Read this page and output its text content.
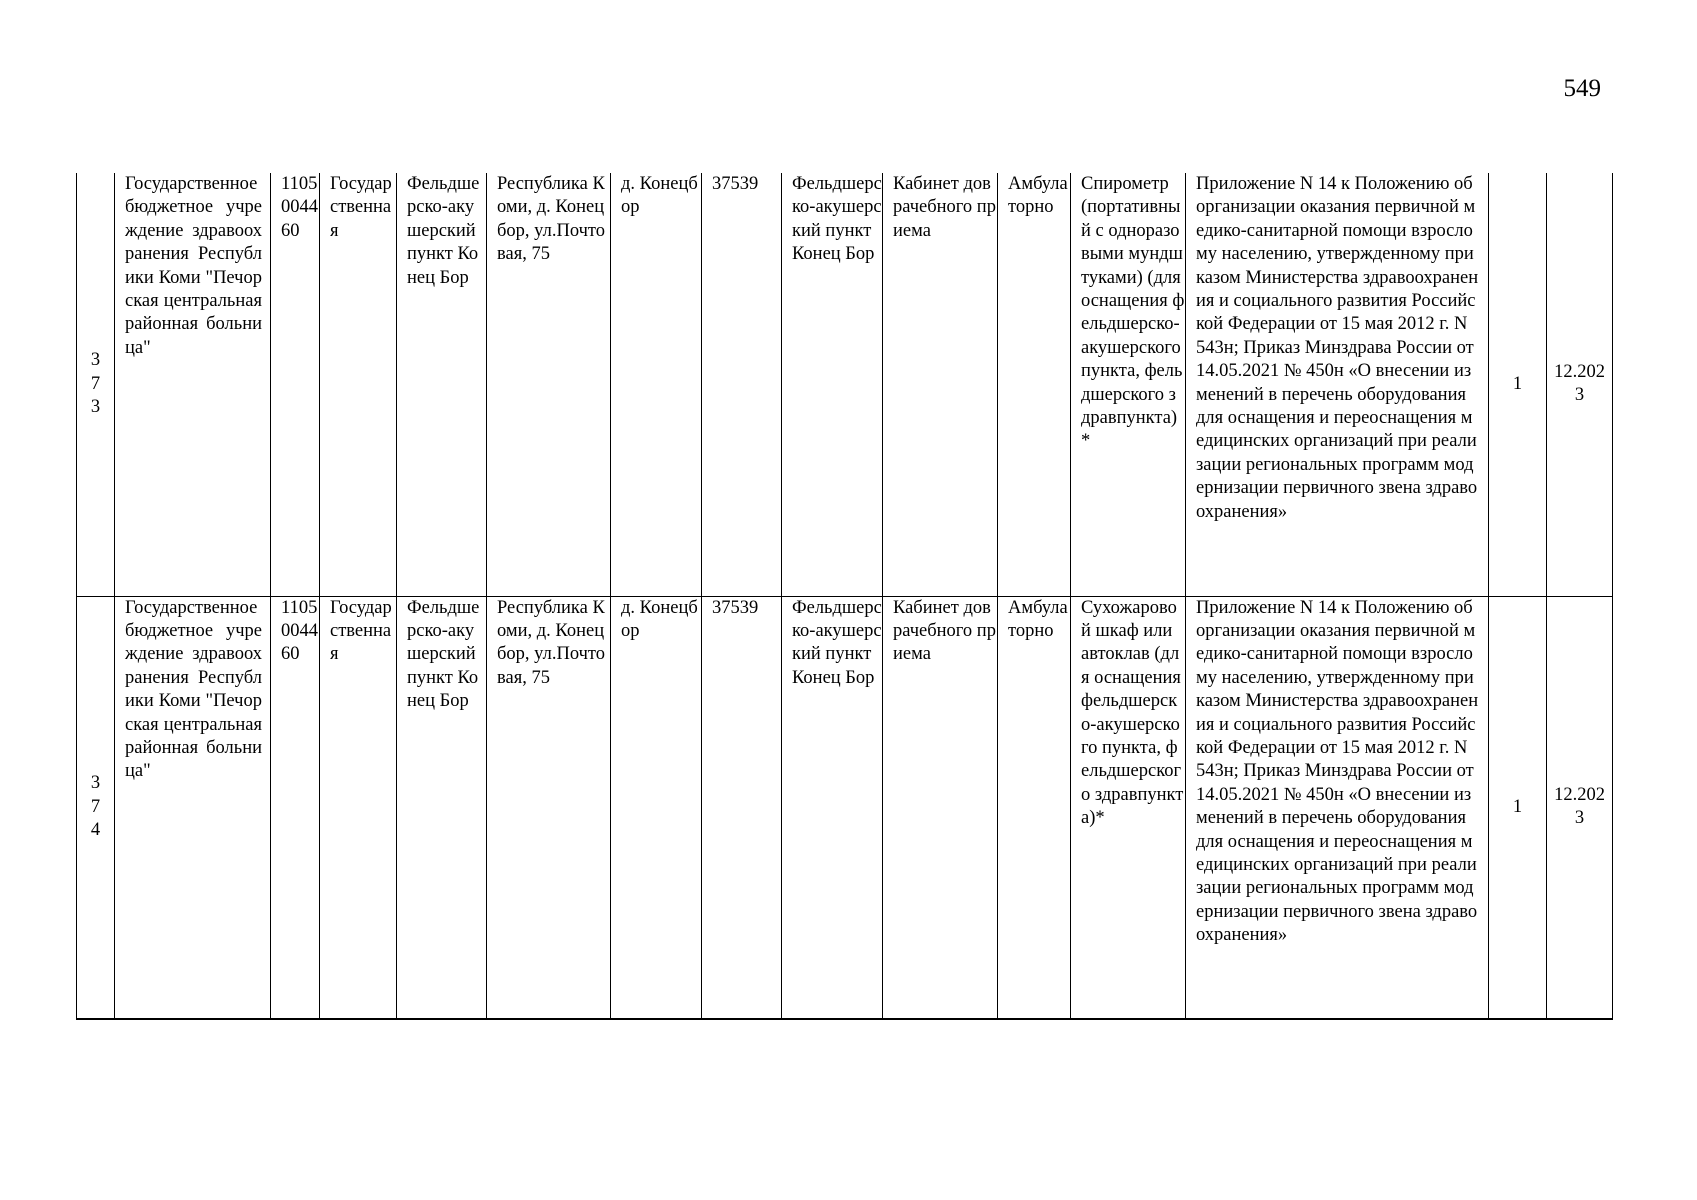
549
373	Государственное бюджетное учреждение здравоохранения Республики Коми "Печорская центральная районная больница"	1105004460	Государственная	Фельдшерско-акушерский пункт Конец Бор	Республика Коми, д. Конецбор, ул.Почтовая, 75	д. Конецбор	37539	Фельдшерско-акушерский пункт Конец Бор	Кабинет доврачебного приема	Амбулаторно	Спирометр (портативный с одноразовыми мундштуками) (для оснащения фельдшерско-акушерского пункта, фельдшерского здравпункта)*	Приложение N 14 к Положению об организации оказания первичной медико-санитарной помощи взрослому населению, утвержденному приказом Министерства здравоохранения и социального развития Российской Федерации от 15 мая 2012 г. N 543н; Приказ Минздрава России от 14.05.2021 № 450н «О внесении изменений в перечень оборудования для оснащения и переоснащения медицинских организаций при реализации региональных программ модернизации первичного звена здравоохранения»	1	12.2023

374	Государственное бюджетное учреждение здравоохранения Республики Коми "Печорская центральная районная больница"	1105004460	Государственная	Фельдшерско-акушерский пункт Конец Бор	Республика Коми, д. Конецбор, ул.Почтовая, 75	д. Конецбор	37539	Фельдшерско-акушерский пункт Конец Бор	Кабинет доврачебного приема	Амбулаторно	Сухожаровой шкаф или автоклав (для оснащения фельдшерско-акушерского пункта, фельдшерского здравпункта)*	Приложение N 14 к Положению об организации оказания первичной медико-санитарной помощи взрослому населению, утвержденному приказом Министерства здравоохранения и социального развития Российской Федерации от 15 мая 2012 г. N 543н; Приказ Минздрава России от 14.05.2021 № 450н «О внесении изменений в перечень оборудования для оснащения и переоснащения медицинских организаций при реализации региональных программ модернизации первичного звена здравоохранения»	1	12.2023
